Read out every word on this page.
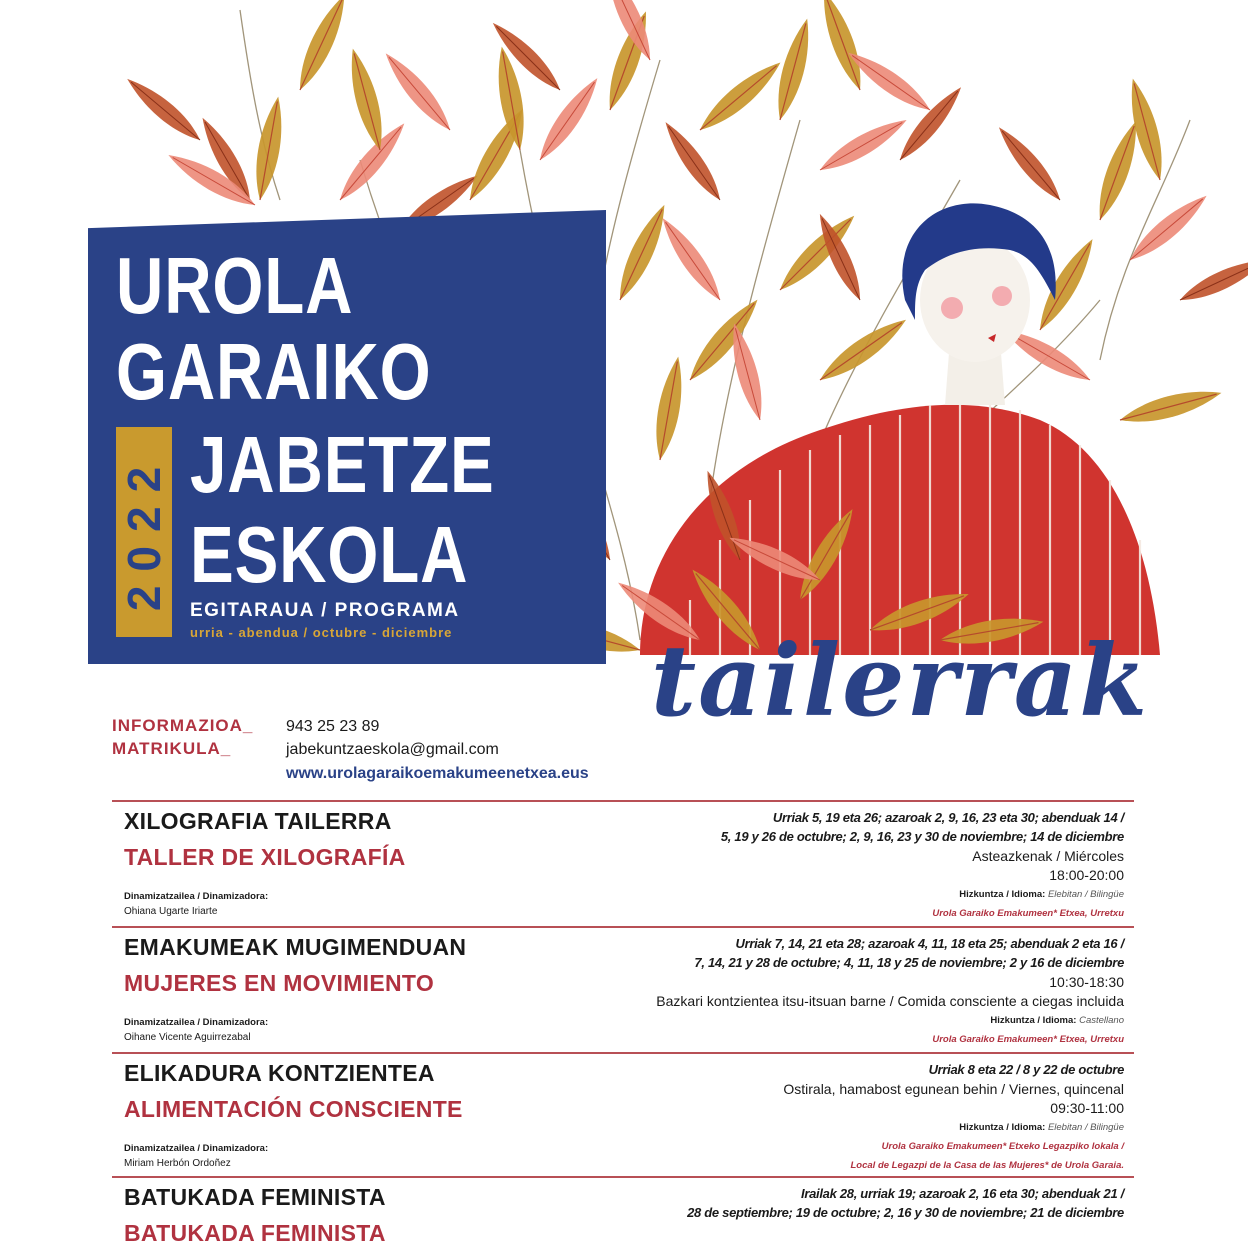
UROLA
GARAIKO
JABETZE
ESKOLA
2022 EGITARAUA / PROGRAMA
urria - abendua / octubre - diciembre tailerrak
INFORMAZIOA_
MATRIKULA_
943 25 23 89
jabekuntzaeskola@gmail.com
www.urolagaraikoemakumeenetxea.eus
XILOGRAFIA TAILERRA
TALLER DE XILOGRAFÍA
Dinamizatzailea / Dinamizadora:
Ohiana Ugarte Iriarte
Urriak 5, 19 eta 26; azaroak 2, 9, 16, 23 eta 30; abenduak 14 /
5, 19 y 26 de octubre; 2, 9, 16, 23 y 30 de noviembre; 14 de diciembre
Asteazkenak / Miércoles
18:00-20:00
Hizkuntza / Idioma: Elebitan / Bilingüe
Urola Garaiko Emakumeen* Etxea, Urretxu
EMAKUMEAK MUGIMENDUAN
MUJERES EN MOVIMIENTO
Dinamizatzailea / Dinamizadora:
Oihane Vicente Aguirrezabal
Urriak 7, 14, 21 eta 28; azaroak 4, 11, 18 eta 25; abenduak 2 eta 16 /
7, 14, 21 y 28 de octubre; 4, 11, 18 y 25 de noviembre; 2 y 16 de diciembre
10:30-18:30
Bazkari kontzientea itsu-itsuan barne / Comida consciente a ciegas incluida
Hizkuntza / Idioma: Castellano
Urola Garaiko Emakumeen* Etxea, Urretxu
ELIKADURA KONTZIENTEA
ALIMENTACIÓN CONSCIENTE
Dinamizatzailea / Dinamizadora:
Miriam Herbón Ordoñez
Urriak 8 eta 22 / 8 y 22 de octubre
Ostirala, hamabost egunean behin / Viernes, quincenal
09:30-11:00
Hizkuntza / Idioma: Elebitan / Bilingüe
Urola Garaiko Emakumeen* Etxeko Legazpiko lokala /
Local de Legazpi de la Casa de las Mujeres* de Urola Garaia.
BATUKADA FEMINISTA
BATUKADA FEMINISTA
Irailak 28, urriak 19; azaroak 2, 16 eta 30; abenduak 21 /
28 de septiembre; 19 de octubre; 2, 16 y 30 de noviembre; 21 de diciembre
